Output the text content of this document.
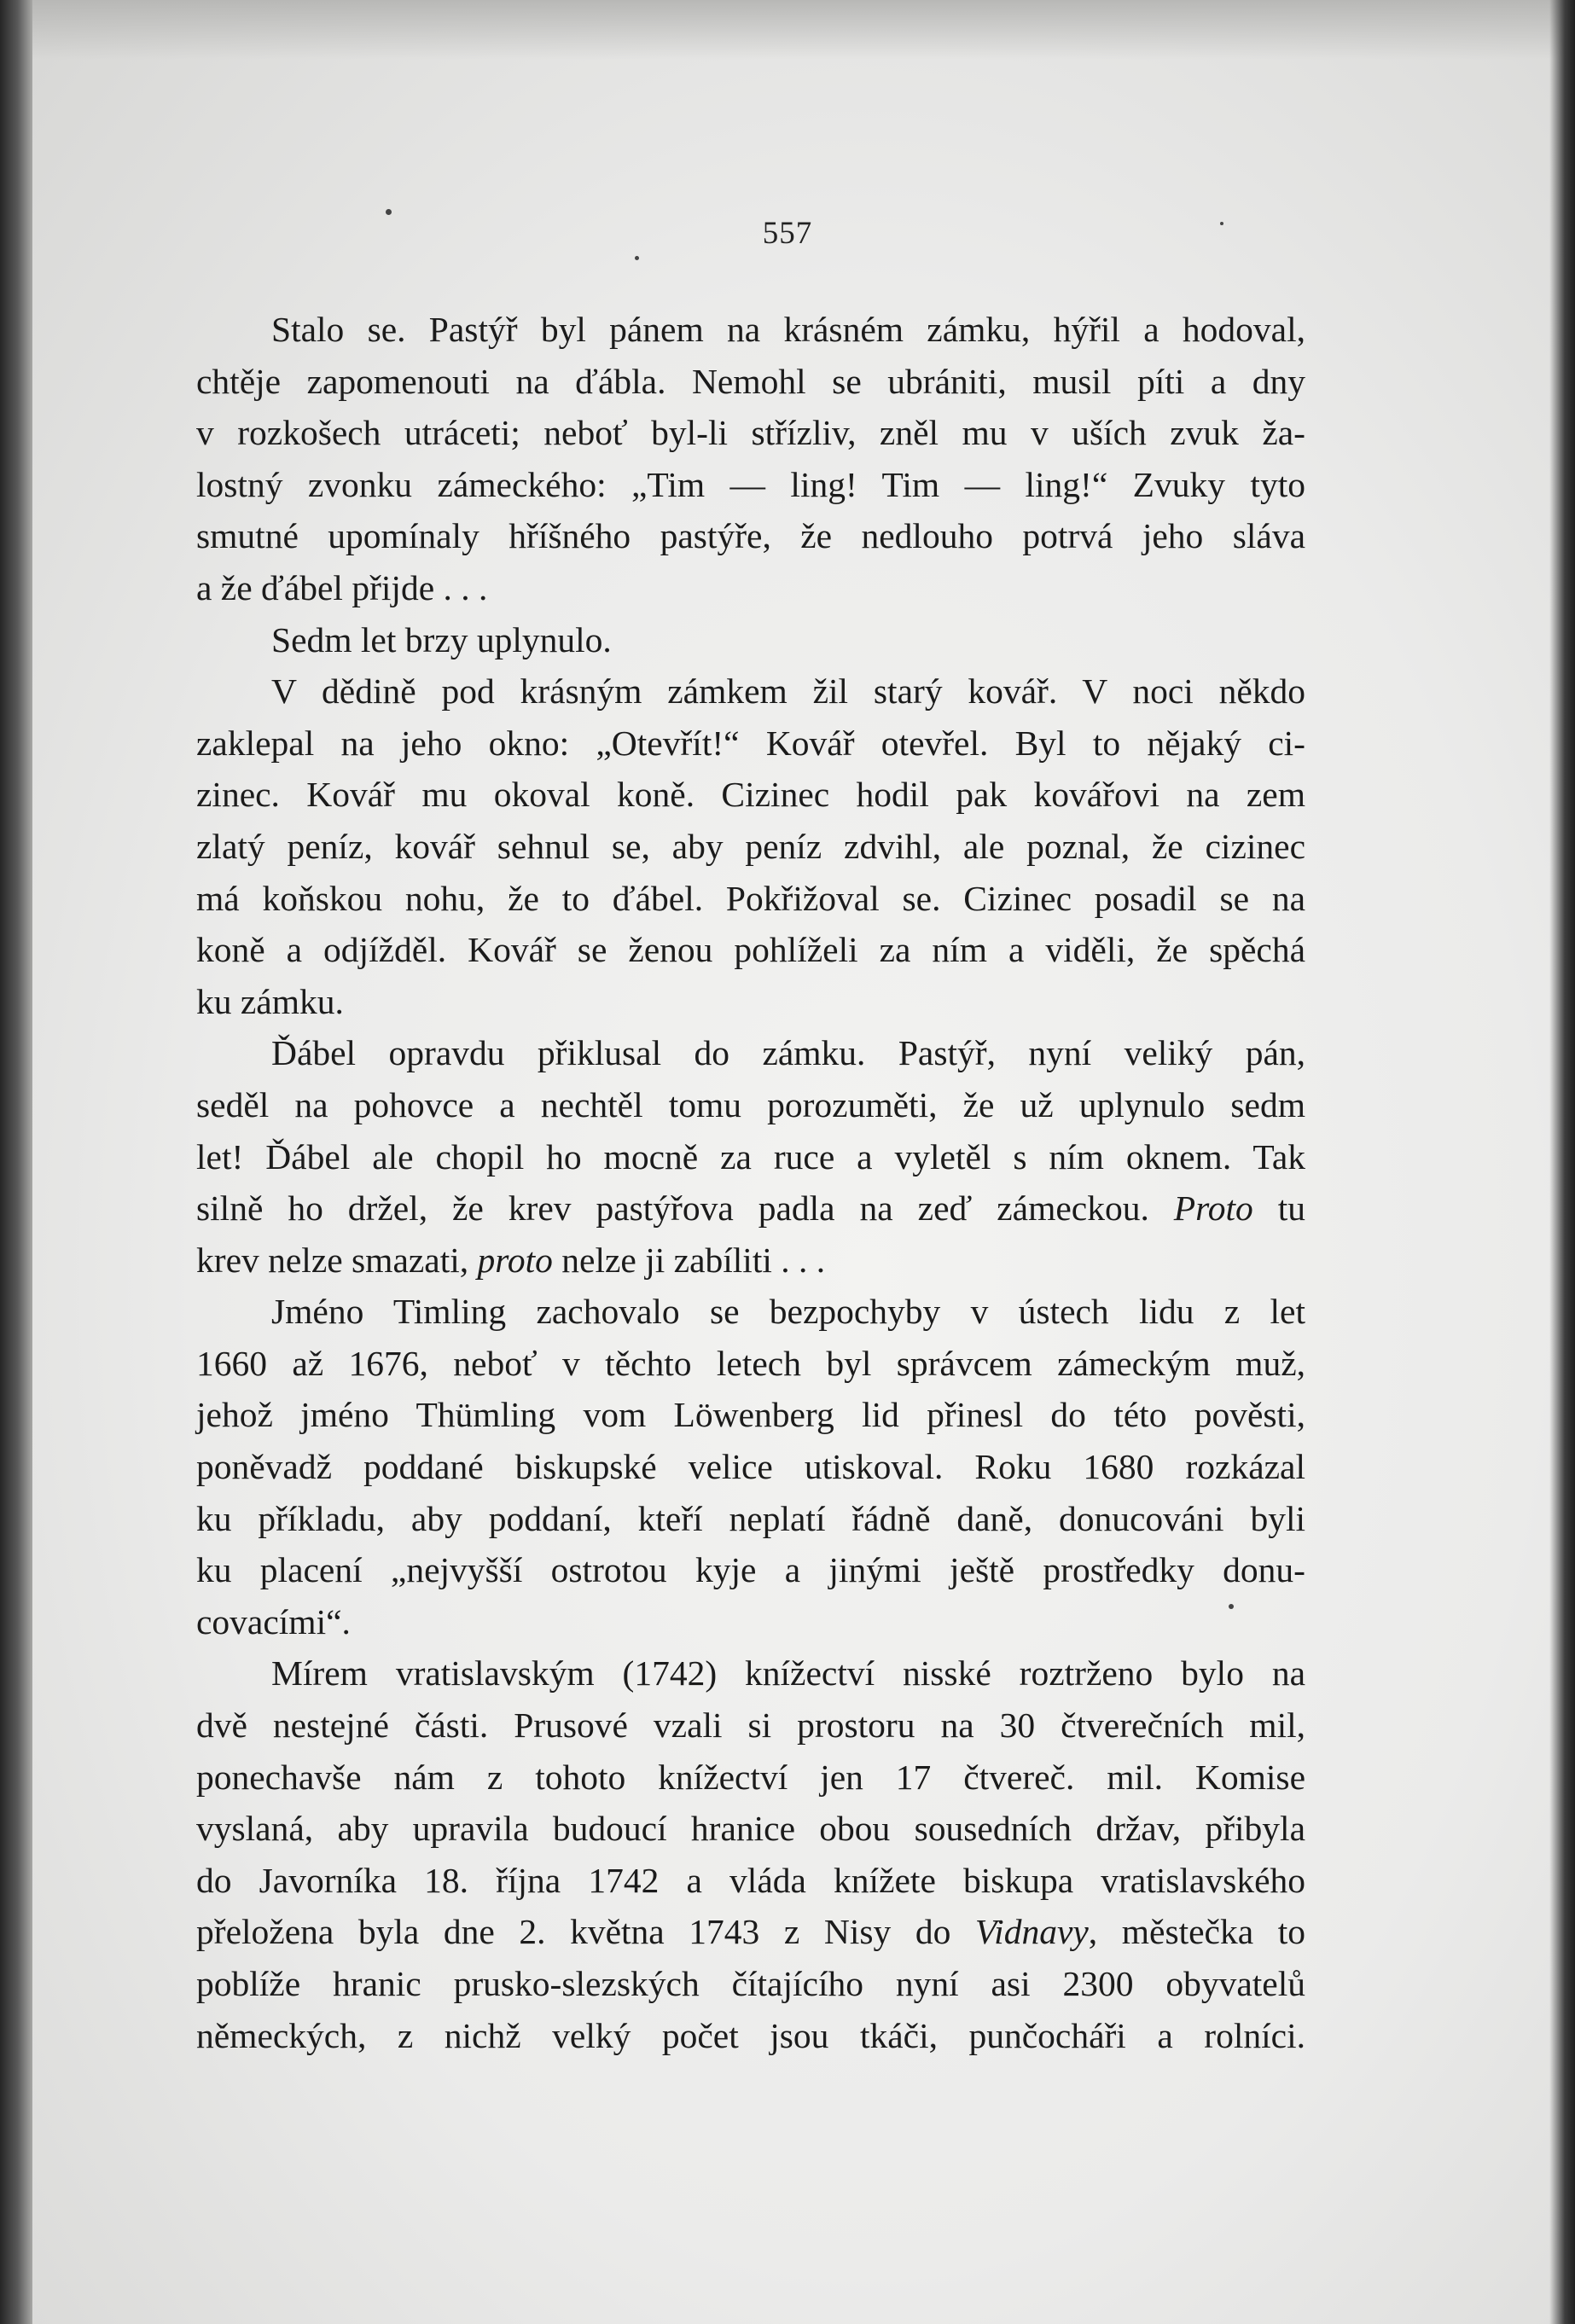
557
Stalo se. Pastýř byl pánem na krásném zámku, hýřil a hodoval,
chtěje zapomenouti na ďábla. Nemohl se ubrániti, musil píti a dny
v rozkošech utráceti; neboť byl-li střízliv, zněl mu v uších zvuk ža-
lostný zvonku zámeckého: „Tim — ling! Tim — ling!“ Zvuky tyto
smutné upomínaly hříšného pastýře, že nedlouho potrvá jeho sláva
a že ďábel přijde . . .
Sedm let brzy uplynulo.
V dědině pod krásným zámkem žil starý kovář. V noci někdo
zaklepal na jeho okno: „Otevřít!“ Kovář otevřel. Byl to nějaký ci-
zinec. Kovář mu okoval koně. Cizinec hodil pak kovářovi na zem
zlatý peníz, kovář sehnul se, aby peníz zdvihl, ale poznal, že cizinec
má koňskou nohu, že to ďábel. Pokřižoval se. Cizinec posadil se na
koně a odjížděl. Kovář se ženou pohlíželi za ním a viděli, že spěchá
ku zámku.
Ďábel opravdu přiklusal do zámku. Pastýř, nyní veliký pán,
seděl na pohovce a nechtěl tomu porozuměti, že už uplynulo sedm
let! Ďábel ale chopil ho mocně za ruce a vyletěl s ním oknem. Tak
silně ho držel, že krev pastýřova padla na zeď zámeckou. Proto tu
krev nelze smazati, proto nelze ji zabíliti . . .
Jméno Timling zachovalo se bezpochyby v ústech lidu z let
1660 až 1676, neboť v těchto letech byl správcem zámeckým muž,
jehož jméno Thümling vom Löwenberg lid přinesl do této pověsti,
poněvadž poddané biskupské velice utiskoval. Roku 1680 rozkázal
ku příkladu, aby poddaní, kteří neplatí řádně daně, donucováni byli
ku placení „nejvyšší ostrotou kyje a jinými ještě prostředky donu-
covacími“.
Mírem vratislavským (1742) knížectví nisské roztrženo bylo na
dvě nestejné části. Prusové vzali si prostoru na 30 čtverečních mil,
ponechavše nám z tohoto knížectví jen 17 čtvereč. mil. Komise
vyslaná, aby upravila budoucí hranice obou sousedních držav, přibyla
do Javorníka 18. října 1742 a vláda knížete biskupa vratislavského
přeložena byla dne 2. května 1743 z Nisy do Vidnavy, městečka to
poblíže hranic prusko-slezských čítajícího nyní asi 2300 obyvatelů
německých, z nichž velký počet jsou tkáči, punčocháři a rolníci.
